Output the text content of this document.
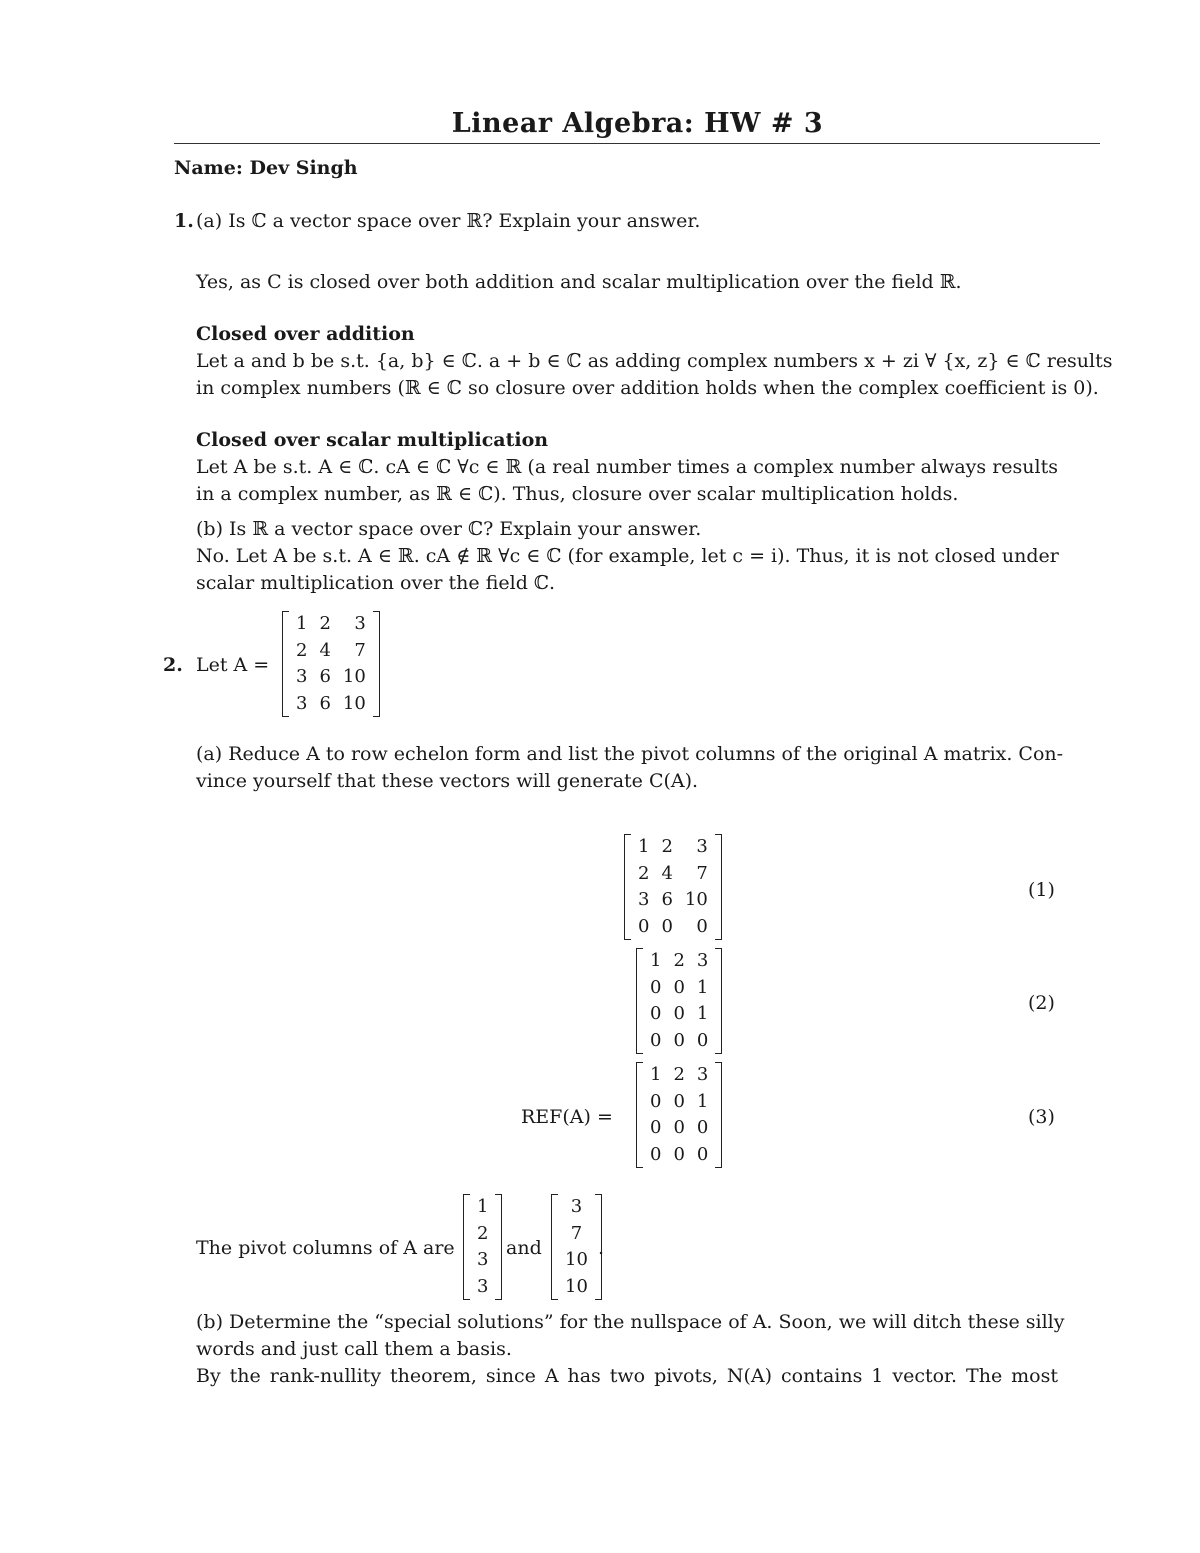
Linear Algebra: HW # 3
Name: Dev Singh
1. (a) Is ℂ a vector space over ℝ? Explain your answer.
Yes, as C is closed over both addition and scalar multiplication over the field ℝ.
Closed over addition
Let a and b be s.t. {a, b} ∈ ℂ. a + b ∈ ℂ as adding complex numbers x + zi ∀ {x, z} ∈ ℂ results
in complex numbers (ℝ ∈ ℂ so closure over addition holds when the complex coefficient is 0).
Closed over scalar multiplication
Let A be s.t. A ∈ ℂ. cA ∈ ℂ ∀c ∈ ℝ (a real number times a complex number always results
in a complex number, as ℝ ∈ ℂ). Thus, closure over scalar multiplication holds.
(b) Is ℝ a vector space over ℂ? Explain your answer.
No. Let A be s.t. A ∈ ℝ. cA ∉ ℝ ∀c ∈ ℂ (for example, let c = i). Thus, it is not closed under
scalar multiplication over the field ℂ.
2. Let A =
1	2	3
2	4	7
3	6	10
3	6	10
(a) Reduce A to row echelon form and list the pivot columns of the original A matrix. Con-
vince yourself that these vectors will generate C(A).
1	2	3
2	4	7
3	6	10
0	0	0
(1)
1	2	3
0	0	1
0	0	1
0	0	0
(2)
REF(A) =
1	2	3
0	0	1
0	0	0
0	0	0
(3)
The pivot columns of A are
1
2
3
3
and
3
7
10
10
.
(b) Determine the “special solutions” for the nullspace of A. Soon, we will ditch these silly
words and just call them a basis.
By the rank-nullity theorem, since A has two pivots, N(A) contains 1 vector. The most
